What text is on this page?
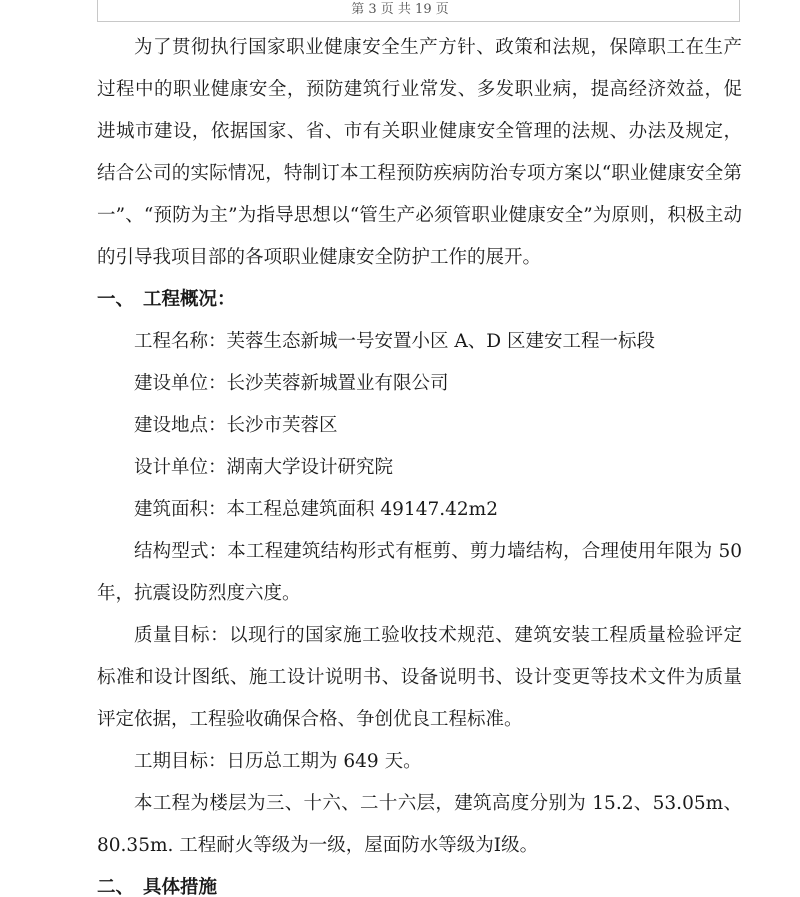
第 3 页 共 19 页

为了贯彻执行国家职业健康安全生产方针、政策和法规，保障职工在生产过程中的职业健康安全，预防建筑行业常发、多发职业病，提高经济效益，促进城市建设，依据国家、省、市有关职业健康安全管理的法规、办法及规定，结合公司的实际情况，特制订本工程预防疾病防治专项方案以“职业健康安全第一”、“预防为主”为指导思想以“管生产必须管职业健康安全”为原则，积极主动的引导我项目部的各项职业健康安全防护工作的展开。

一、 工程概况：

工程名称：芙蓉生态新城一号安置小区 A、D 区建安工程一标段

建设单位：长沙芙蓉新城置业有限公司

建设地点：长沙市芙蓉区

设计单位：湖南大学设计研究院

建筑面积：本工程总建筑面积 49147.42m2

结构型式：本工程建筑结构形式有框剪、剪力墙结构，合理使用年限为 50 年，抗震设防烈度六度。

质量目标：以现行的国家施工验收技术规范、建筑安装工程质量检验评定标准和设计图纸、施工设计说明书、设备说明书、设计变更等技术文件为质量评定依据，工程验收确保合格、争创优良工程标准。

工期目标：日历总工期为 649 天。

本工程为楼层为三、十六、二十六层，建筑高度分别为 15.2、53.05m、80.35m. 工程耐火等级为一级，屋面防水等级为Ⅰ级。

二、 具体措施
